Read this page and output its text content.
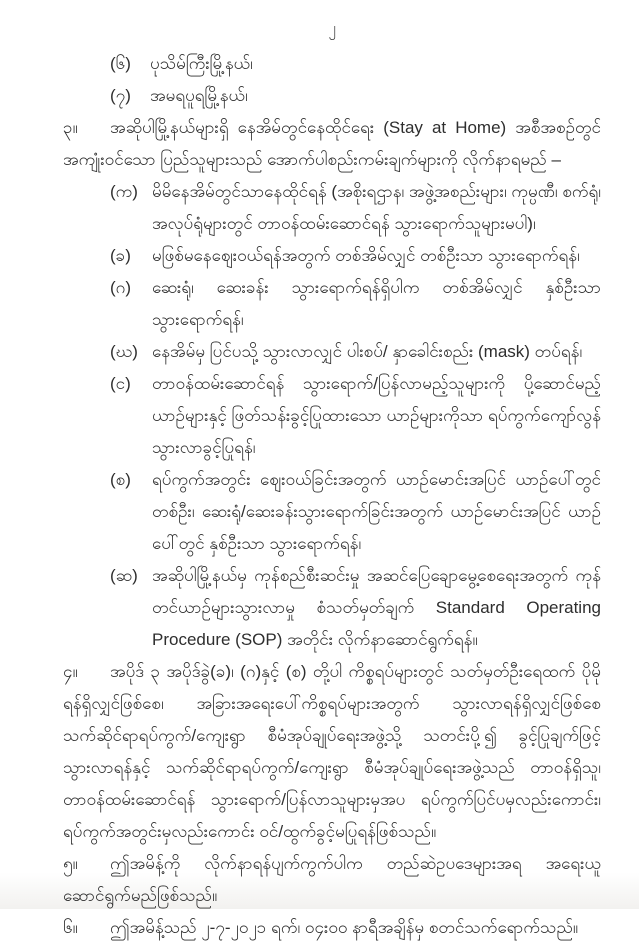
၂
(၆)	ပုသိမ်ကြီးမြို့နယ်၊
(၇)	အမရပူရမြို့နယ်၊

၃။ အဆိုပါမြို့နယ်များရှိ နေအိမ်တွင်နေထိုင်ရေး (Stay at Home) အစီအစဉ်တွင် အကျုံးဝင်သော ပြည်သူများသည် အောက်ပါစည်းကမ်းချက်များကို လိုက်နာရမည် –

(က) မိမိနေအိမ်တွင်သာနေထိုင်ရန် (အစိုးရဌာန၊ အဖွဲ့အစည်းများ၊ ကုမ္ပဏီ၊ စက်ရုံ၊ အလုပ်ရုံများတွင် တာဝန်ထမ်းဆောင်ရန် သွားရောက်သူများမပါ)၊
(ခ)	မဖြစ်မနေဈေးဝယ်ရန်အတွက် တစ်အိမ်လျှင် တစ်ဦးသာ သွားရောက်ရန်၊
(ဂ)	ဆေးရုံ၊ ဆေးခန်း သွားရောက်ရန်ရှိပါက တစ်အိမ်လျှင် နှစ်ဦးသာ သွားရောက်ရန်၊
(ဃ) နေအိမ်မှ ပြင်ပသို့ သွားလာလျှင် ပါးစပ်/ နှာခေါင်းစည်း (mask) တပ်ရန်၊
(င)	တာဝန်ထမ်းဆောင်ရန် သွားရောက်/ပြန်လာမည့်သူများကို ပို့ဆောင်မည့် ယာဉ်များနှင့် ဖြတ်သန်းခွင့်ပြုထားသော ယာဉ်များကိုသာ ရပ်ကွက်ကျော်လွန် သွားလာခွင့်ပြုရန်၊
(စ)	ရပ်ကွက်အတွင်း ဈေးဝယ်ခြင်းအတွက် ယာဉ်မောင်းအပြင် ယာဉ်ပေါ်တွင် တစ်ဦး၊ ဆေးရုံ/ဆေးခန်းသွားရောက်ခြင်းအတွက် ယာဉ်မောင်းအပြင် ယာဉ်ပေါ်တွင် နှစ်ဦးသာ သွားရောက်ရန်၊
(ဆ) အဆိုပါမြို့နယ်မှ ကုန်စည်စီးဆင်းမှု အဆင်ပြေချောမွေ့စေရေးအတွက် ကုန်တင်ယာဉ်များသွားလာမှု စံသတ်မှတ်ချက် Standard Operating Procedure (SOP) အတိုင်း လိုက်နာဆောင်ရွက်ရန်။

၄။ အပိုဒ် ၃ အပိုဒ်ခွဲ(ခ)၊ (ဂ)နှင့် (စ) တို့ပါ ကိစ္စရပ်များတွင် သတ်မှတ်ဦးရေထက် ပိုမိုရန်ရှိလျှင်ဖြစ်စေ၊ အခြားအရေးပေါ်ကိစ္စရပ်များအတွက် သွားလာရန်ရှိလျှင်ဖြစ်စေ သက်ဆိုင်ရာရပ်ကွက်/ကျေးရွာ စီမံအုပ်ချုပ်ရေးအဖွဲ့သို့ သတင်းပို့၍ ခွင့်ပြုချက်ဖြင့် သွားလာရန်နှင့် သက်ဆိုင်ရာရပ်ကွက်/ကျေးရွာ စီမံအုပ်ချုပ်ရေးအဖွဲ့သည် တာဝန်ရှိသူ၊ တာဝန်ထမ်းဆောင်ရန် သွားရောက်/ပြန်လာသူများမှအပ ရပ်ကွက်ပြင်ပမှလည်းကောင်း၊ ရပ်ကွက်အတွင်းမှလည်းကောင်း ဝင်/ထွက်ခွင့်မပြုရန်ဖြစ်သည်။

၅။ ဤအမိန့်ကို လိုက်နာရန်ပျက်ကွက်ပါက တည်ဆဲဥပဒေများအရ အရေးယူဆောင်ရွက်မည်ဖြစ်သည်။

၆။ ဤအမိန့်သည် ၂-၇-၂၀၂၁ ရက်၊ ၀၄း၀၀ နာရီအချိန်မှ စတင်သက်ရောက်သည်။
